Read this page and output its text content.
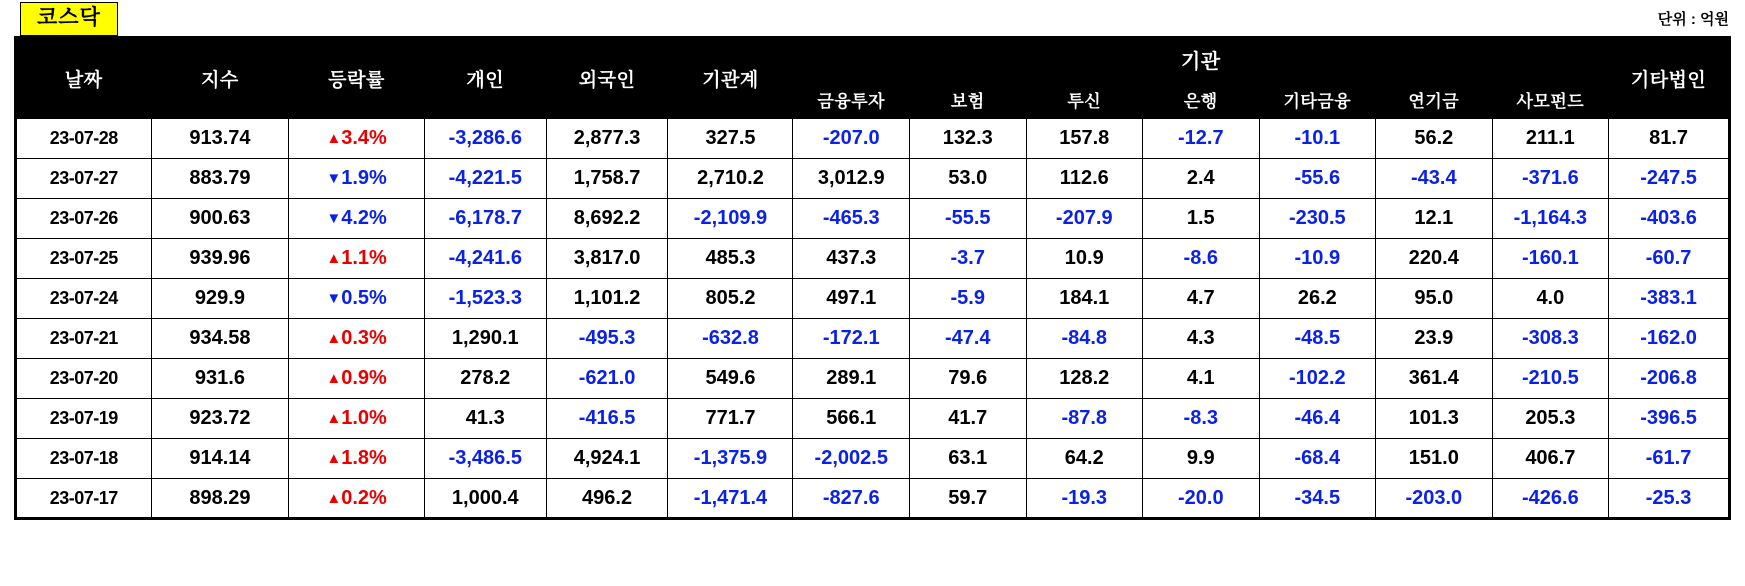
코스닥	단위 : 억원
날짜	지수	등락률	개인	외국인	기관계	기관							기타법인
						금융투자	보험	투신	은행	기타금융	연기금	사모펀드	
23-07-28	913.74	▲3.4%	-3,286.6	2,877.3	327.5	-207.0	132.3	157.8	-12.7	-10.1	56.2	211.1	81.7
23-07-27	883.79	▼1.9%	-4,221.5	1,758.7	2,710.2	3,012.9	53.0	112.6	2.4	-55.6	-43.4	-371.6	-247.5
23-07-26	900.63	▼4.2%	-6,178.7	8,692.2	-2,109.9	-465.3	-55.5	-207.9	1.5	-230.5	12.1	-1,164.3	-403.6
23-07-25	939.96	▲1.1%	-4,241.6	3,817.0	485.3	437.3	-3.7	10.9	-8.6	-10.9	220.4	-160.1	-60.7
23-07-24	929.9	▼0.5%	-1,523.3	1,101.2	805.2	497.1	-5.9	184.1	4.7	26.2	95.0	4.0	-383.1
23-07-21	934.58	▲0.3%	1,290.1	-495.3	-632.8	-172.1	-47.4	-84.8	4.3	-48.5	23.9	-308.3	-162.0
23-07-20	931.6	▲0.9%	278.2	-621.0	549.6	289.1	79.6	128.2	4.1	-102.2	361.4	-210.5	-206.8
23-07-19	923.72	▲1.0%	41.3	-416.5	771.7	566.1	41.7	-87.8	-8.3	-46.4	101.3	205.3	-396.5
23-07-18	914.14	▲1.8%	-3,486.5	4,924.1	-1,375.9	-2,002.5	63.1	64.2	9.9	-68.4	151.0	406.7	-61.7
23-07-17	898.29	▲0.2%	1,000.4	496.2	-1,471.4	-827.6	59.7	-19.3	-20.0	-34.5	-203.0	-426.6	-25.3
